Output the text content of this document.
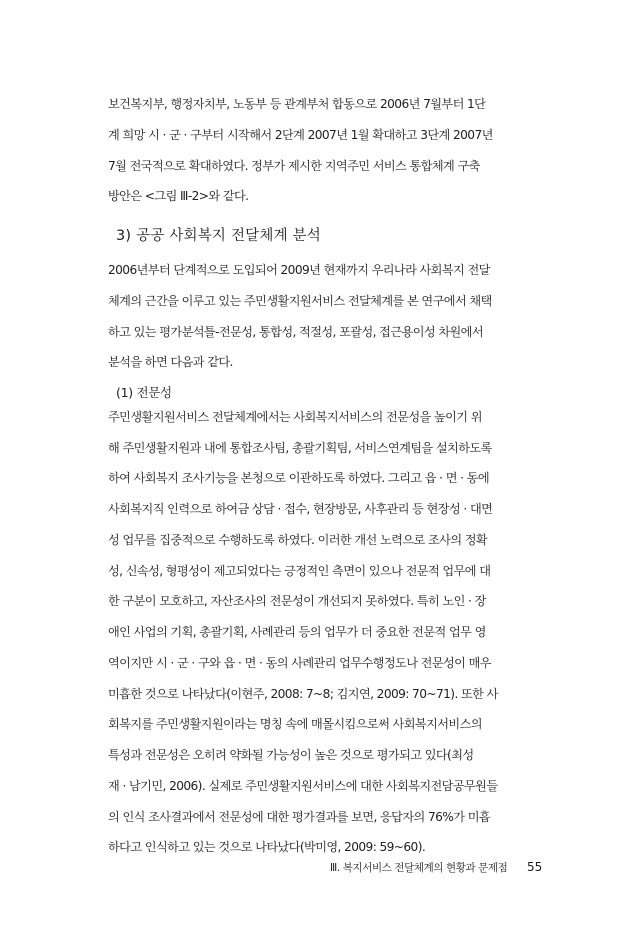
보건복지부, 행정자치부, 노동부 등 관계부처 합동으로 2006년 7월부터 1단
계 희망 시 · 군 · 구부터 시작해서 2단계 2007년 1월 확대하고 3단계 2007년
7월 전국적으로 확대하였다. 정부가 제시한 지역주민 서비스 통합체계 구축
방안은 <그림 Ⅲ-2>와 같다.
3) 공공 사회복지 전달체계 분석
2006년부터 단계적으로 도입되어 2009년 현재까지 우리나라 사회복지 전달
체계의 근간을 이루고 있는 주민생활지원서비스 전달체계를 본 연구에서 채택
하고 있는 평가분석틀-전문성, 통합성, 적절성, 포괄성, 접근용이성 차원에서
분석을 하면 다음과 같다.
(1) 전문성
주민생활지원서비스 전달체계에서는 사회복지서비스의 전문성을 높이기 위
해 주민생활지원과 내에 통합조사팀, 총괄기획팀, 서비스연계팀을 설치하도록
하여 사회복지 조사기능을 본청으로 이관하도록 하였다. 그리고 읍 · 면 · 동에
사회복지직 인력으로 하여금 상담 · 접수, 현장방문, 사후관리 등 현장성 · 대면
성 업무를 집중적으로 수행하도록 하였다. 이러한 개선 노력으로 조사의 정확
성, 신속성, 형평성이 제고되었다는 긍정적인 측면이 있으나 전문적 업무에 대
한 구분이 모호하고, 자산조사의 전문성이 개선되지 못하였다. 특히 노인 · 장
애인 사업의 기획, 총괄기획, 사례관리 등의 업무가 더 중요한 전문적 업무 영
역이지만 시 · 군 · 구와 읍 · 면 · 동의 사례관리 업무수행정도나 전문성이 매우
미흡한 것으로 나타났다(이현주, 2008: 7~8; 김지연, 2009: 70~71). 또한 사
회복지를 주민생활지원이라는 명칭 속에 매몰시킴으로써 사회복지서비스의
특성과 전문성은 오히려 약화될 가능성이 높은 것으로 평가되고 있다(최성
재 · 남기민, 2006). 실제로 주민생활지원서비스에 대한 사회복지전담공무원들
의 인식 조사결과에서 전문성에 대한 평가결과를 보면, 응답자의 76%가 미흡
하다고 인식하고 있는 것으로 나타났다(박미영, 2009: 59~60).
Ⅲ. 복지서비스 전달체계의 현황과 문제점 55
